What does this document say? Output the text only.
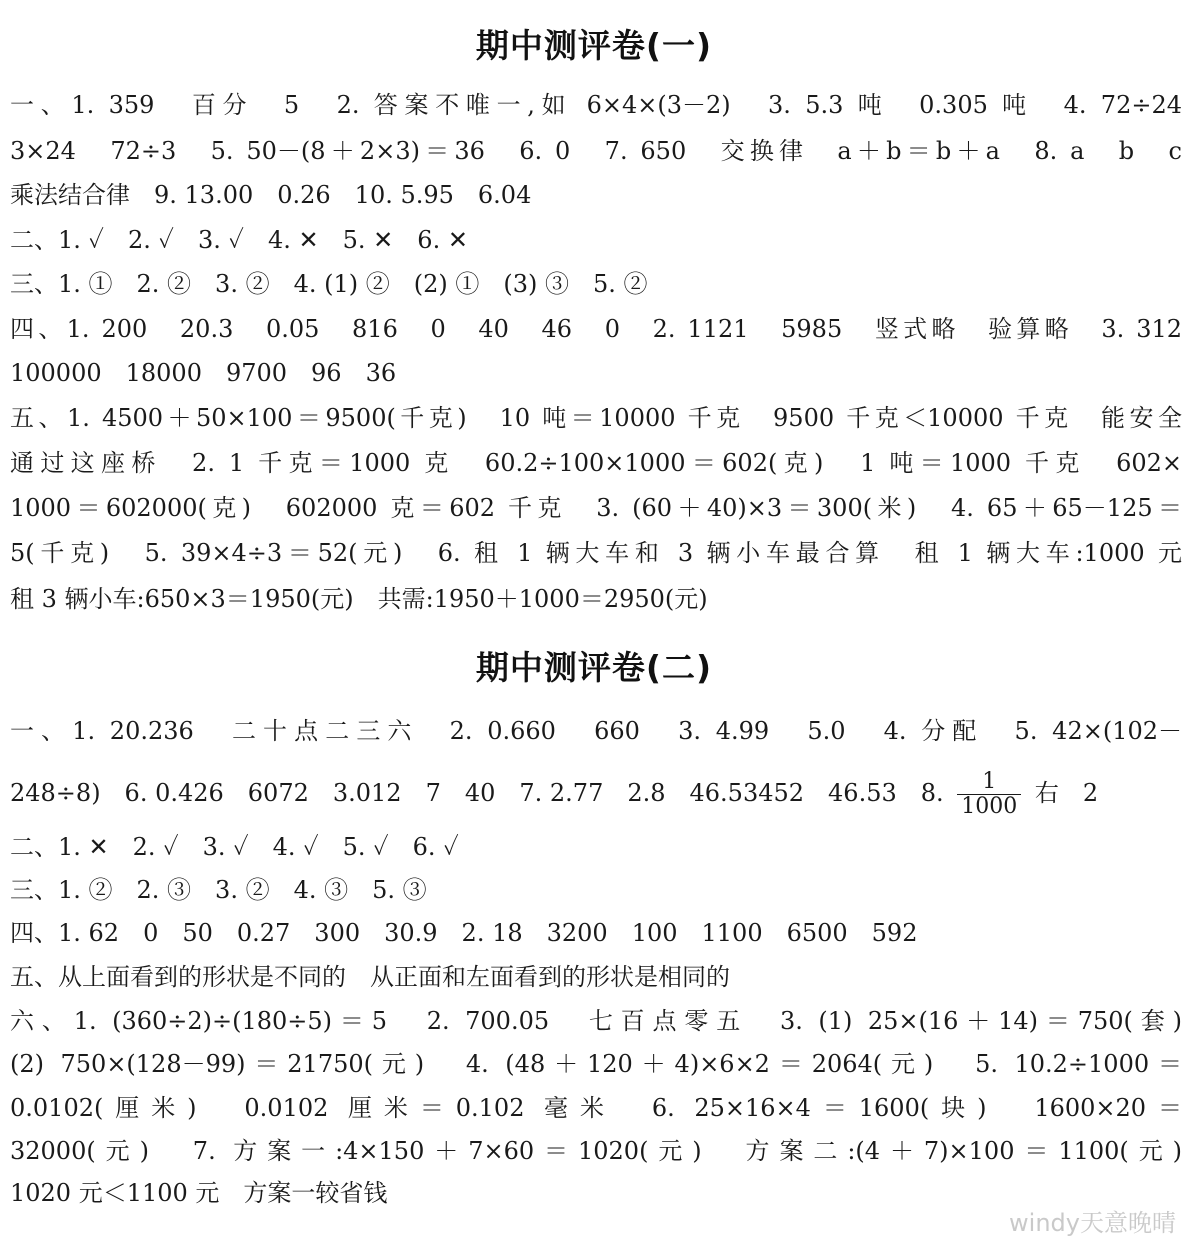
期中测评卷(一)
一、1. 359　百分　5　2. 答案不唯一,如 6×4×(3－2)　3. 5.3 吨　0.305 吨　4. 72÷24
3×24　72÷3　5. 50－(8＋2×3)＝36　6. 0　7. 650　交换律　a＋b＝b＋a　8. a　b　c
乘法结合律　9. 13.00　0.26　10. 5.95　6.04
二、1. ✓　2. ✓　3. ✓　4. ✕　5. ✕　6. ✕
三、1. ①　2. ②　3. ②　4. (1) ②　(2) ①　(3) ③　5. ②
四、1. 200　20.3　0.05　816　0　40　46　0　2. 1121　5985　竖式略　验算略　3. 312
100000　18000　9700　96　36
五、1. 4500＋50×100＝9500(千克)　10 吨＝10000 千克　9500 千克＜10000 千克　能安全
通过这座桥　2. 1 千克＝1000 克　60.2÷100×1000＝602(克)　1 吨＝1000 千克　602×
1000＝602000(克)　602000 克＝602 千克　3. (60＋40)×3＝300(米)　4. 65＋65－125＝
5(千克)　5. 39×4÷3＝52(元)　6. 租 1 辆大车和 3 辆小车最合算　租 1 辆大车:1000 元
租 3 辆小车:650×3＝1950(元)　共需:1950＋1000＝2950(元)
期中测评卷(二)
一、1. 20.236　二十点二三六　2. 0.660　660　3. 4.99　5.0　4. 分配　5. 42×(102－
248÷8)　6. 0.426　6072　3.012　7　40　7. 2.77　2.8　46.53452　46.53　8. $\frac{1}{1000}$ 右　2
二、1. ✕　2. ✓　3. ✓　4. ✓　5. ✓　6. ✓
三、1. ②　2. ③　3. ②　4. ③　5. ③
四、1. 62　0　50　0.27　300　30.9　2. 18　3200　100　1100　6500　592
五、从上面看到的形状是不同的　从正面和左面看到的形状是相同的
六、1. (360÷2)÷(180÷5)＝5　2. 700.05　七百点零五　3. (1) 25×(16＋14)＝750(套)
(2) 750×(128－99)＝21750(元)　4. (48＋120＋4)×6×2＝2064(元)　5. 10.2÷1000＝
0.0102(厘米)　0.0102 厘米＝0.102 毫米　6. 25×16×4＝1600(块)　1600×20＝
32000(元)　7. 方案一:4×150＋7×60＝1020(元)　方案二:(4＋7)×100＝1100(元)
1020 元＜1100 元　方案一较省钱
windy天意晚晴
